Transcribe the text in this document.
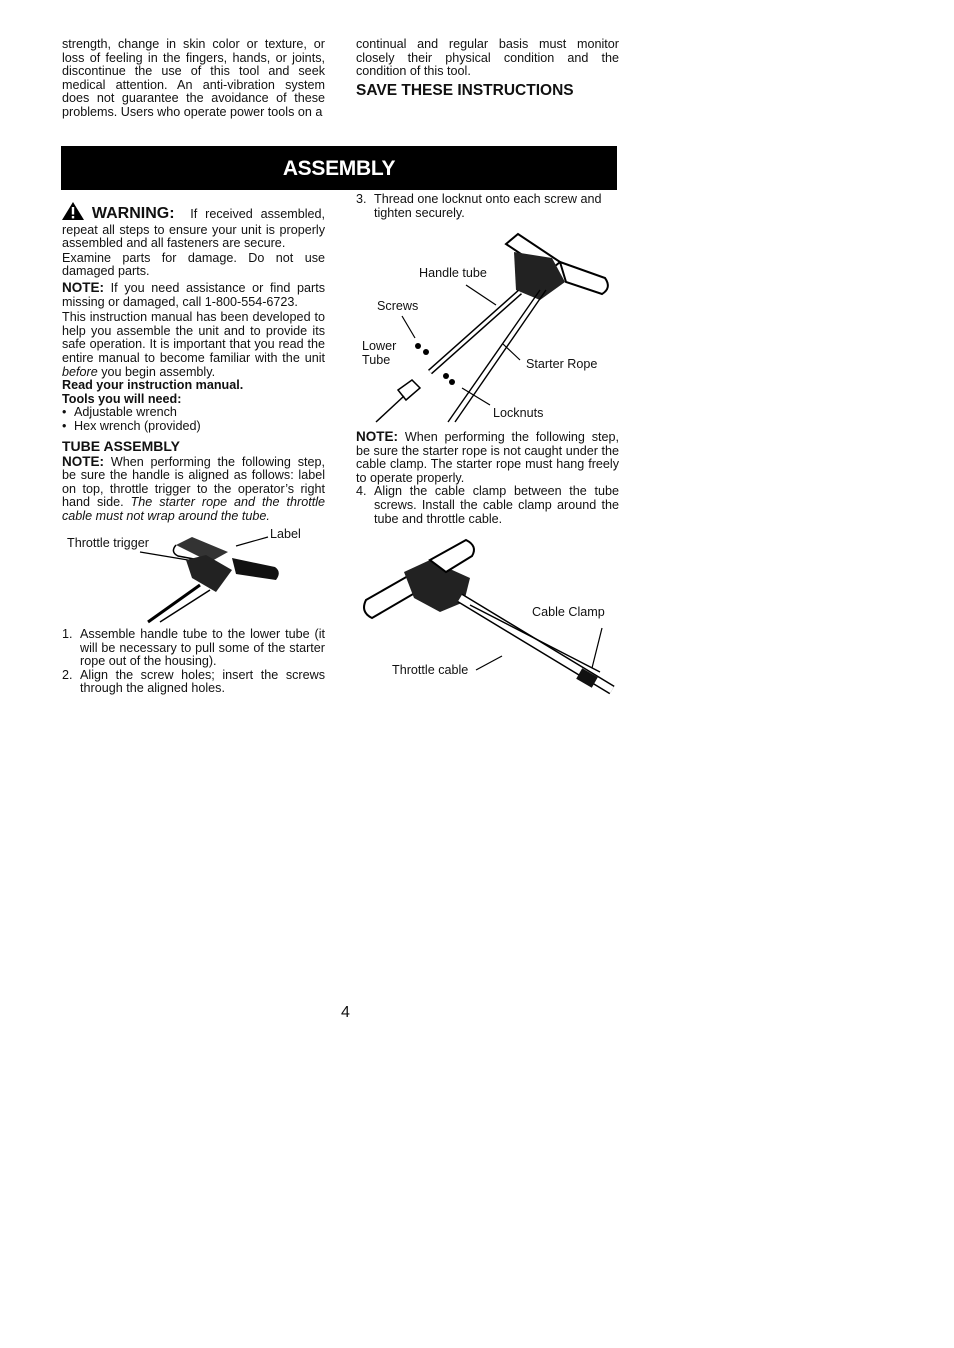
strength, change in skin color or texture, or loss of feeling in the fingers, hands, or joints, discontinue the use of this tool and seek medical attention. An anti-vibration system does not guarantee the avoidance of these problems. Users who operate power tools on a

continual and regular basis must monitor closely their physical condition and the condition of this tool.

SAVE THESE INSTRUCTIONS

ASSEMBLY

WARNING: If received assembled, repeat all steps to ensure your unit is properly assembled and all fasteners are secure.

Examine parts for damage. Do not use damaged parts.

NOTE: If you need assistance or find parts missing or damaged, call 1-800-554-6723.

This instruction manual has been developed to help you assemble the unit and to provide its safe operation. It is important that you read the entire manual to become familiar with the unit before you begin assembly.

Read your instruction manual.

Tools you will need:

• Adjustable wrench
• Hex wrench (provided)

TUBE ASSEMBLY

NOTE: When performing the following step, be sure the handle is aligned as follows: label on top, throttle trigger to the operator’s right hand side. The starter rope and the throttle cable must not wrap around the tube.

Throttle trigger
Label
1. Assemble handle tube to the lower tube (it will be necessary to pull some of the starter rope out of the housing).
2. Align the screw holes; insert the screws through the aligned holes.
3. Thread one locknut onto each screw and tighten securely.
Handle tube
Screws
Lower
Tube	Starter Rope
Locknuts

NOTE: When performing the following step, be sure the starter rope is not caught under the cable clamp. The starter rope must hang freely to operate properly.

4. Align the cable clamp between the tube screws. Install the cable clamp around the tube and throttle cable.
Cable Clamp
Throttle cable
4
